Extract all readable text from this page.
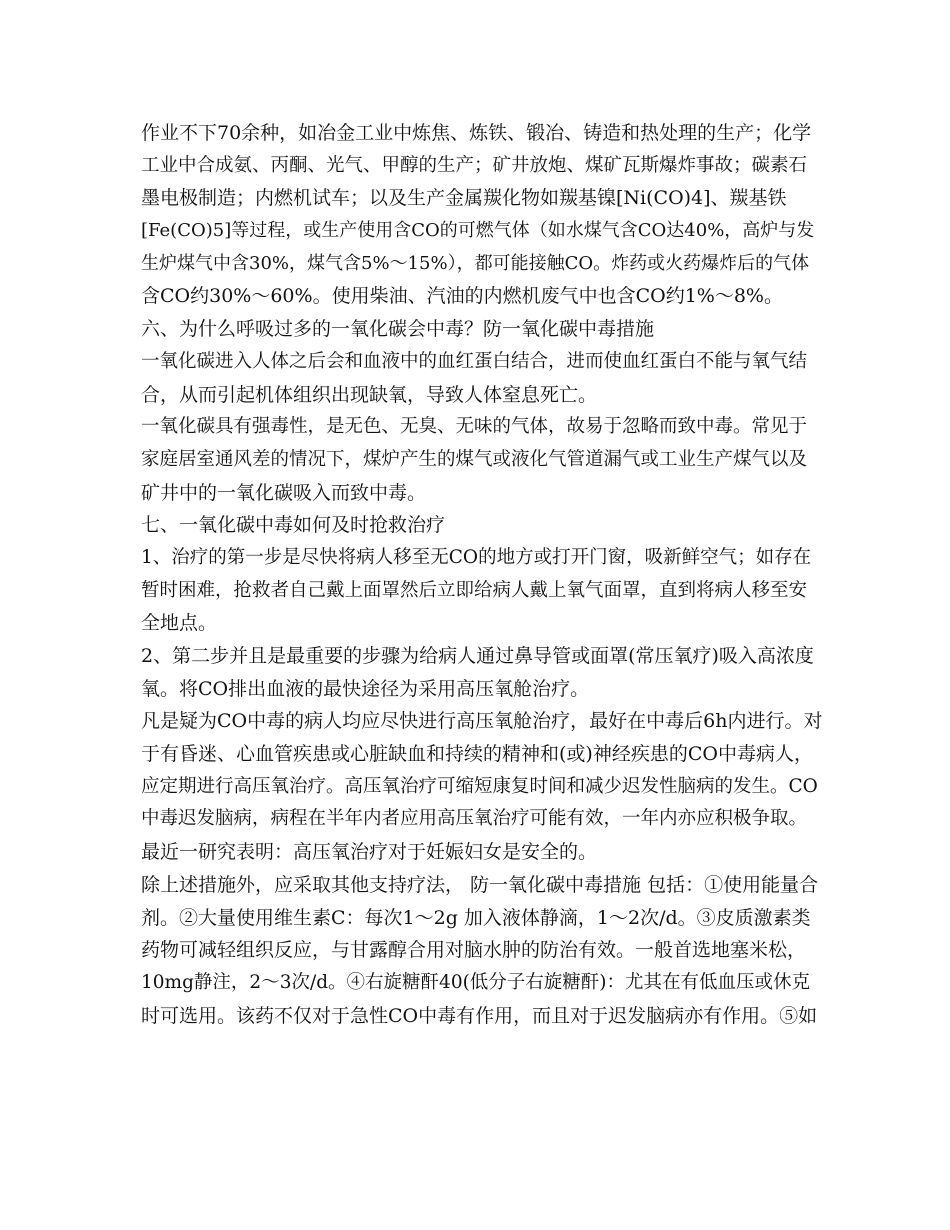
作业不下70余种，如冶金工业中炼焦、炼铁、锻冶、铸造和热处理的生产；化学
工业中合成氨、丙酮、光气、甲醇的生产；矿井放炮、煤矿瓦斯爆炸事故；碳素石
墨电极制造；内燃机试车；以及生产金属羰化物如羰基镍[Ni(CO)4]、羰基铁
[Fe(CO)5]等过程，或生产使用含CO的可燃气体（如水煤气含CO达40%，高炉与发
生炉煤气中含30%，煤气含5%～15%），都可能接触CO。炸药或火药爆炸后的气体
含CO约30%～60%。使用柴油、汽油的内燃机废气中也含CO约1%～8%。
六、为什么呼吸过多的一氧化碳会中毒？防一氧化碳中毒措施
一氧化碳进入人体之后会和血液中的血红蛋白结合，进而使血红蛋白不能与氧气结
合，从而引起机体组织出现缺氧，导致人体窒息死亡。
一氧化碳具有强毒性，是无色、无臭、无味的气体，故易于忽略而致中毒。常见于
家庭居室通风差的情况下，煤炉产生的煤气或液化气管道漏气或工业生产煤气以及
矿井中的一氧化碳吸入而致中毒。
七、一氧化碳中毒如何及时抢救治疗
1、治疗的第一步是尽快将病人移至无CO的地方或打开门窗，吸新鲜空气；如存在
暂时困难，抢救者自己戴上面罩然后立即给病人戴上氧气面罩，直到将病人移至安
全地点。
2、第二步并且是最重要的步骤为给病人通过鼻导管或面罩(常压氧疗)吸入高浓度
氧。将CO排出血液的最快途径为采用高压氧舱治疗。
凡是疑为CO中毒的病人均应尽快进行高压氧舱治疗，最好在中毒后6h内进行。对
于有昏迷、心血管疾患或心脏缺血和持续的精神和(或)神经疾患的CO中毒病人，
应定期进行高压氧治疗。高压氧治疗可缩短康复时间和减少迟发性脑病的发生。CO
中毒迟发脑病，病程在半年内者应用高压氧治疗可能有效，一年内亦应积极争取。
最近一研究表明：高压氧治疗对于妊娠妇女是安全的。
除上述措施外，应采取其他支持疗法， 防一氧化碳中毒措施 包括：①使用能量合
剂。②大量使用维生素C：每次1～2g 加入液体静滴，1～2次/d。③皮质激素类
药物可减轻组织反应，与甘露醇合用对脑水肿的防治有效。一般首选地塞米松，
10mg静注，2～3次/d。④右旋糖酐40(低分子右旋糖酐)：尤其在有低血压或休克
时可选用。该药不仅对于急性CO中毒有作用，而且对于迟发脑病亦有作用。⑤如
